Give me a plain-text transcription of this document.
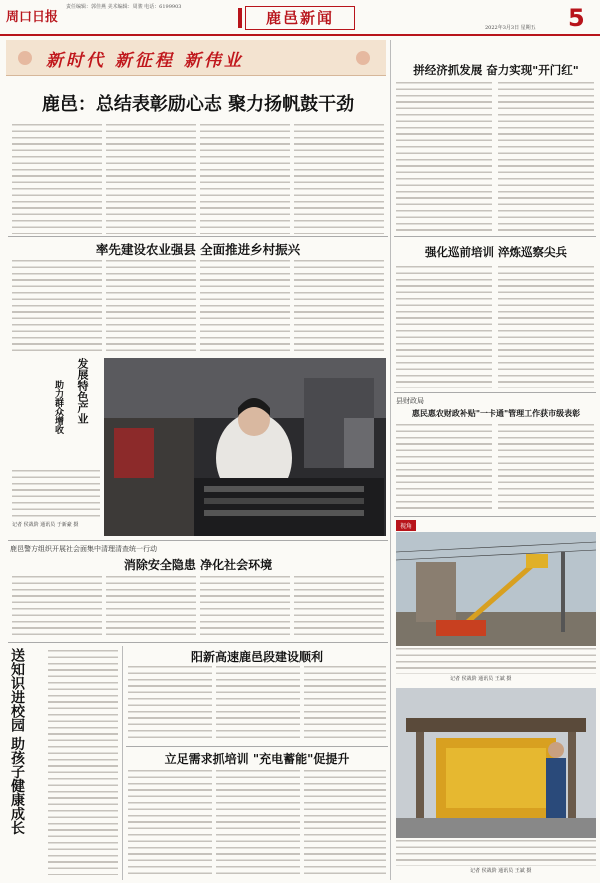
周口日报
责任编辑：郭佳燕 美术编辑：周骏 电话：6199903
鹿邑新闻
2022年3月3日 星期五 5
新时代 新征程 新伟业
鹿邑：总结表彰励心志 聚力扬帆鼓干劲
率先建设农业强县 全面推进乡村振兴
发展特色产业
助力群众增收
记者 侯战阶 通讯员 于新豪 摄
鹿邑警方组织开展社会面集中清理清查统一行动
消除安全隐患 净化社会环境
送知识进校园 助孩子健康成长	阳新高速鹿邑段建设顺利
立足需求抓培训 "充电蓄能"促提升
拼经济抓发展 奋力实现"开门红"
强化巡前培训 淬炼巡察尖兵
县财政局
惠民惠农财政补贴"一卡通"管理工作获市级表彰
视角
记者 侯战阶 通讯员 王斌 摄
记者 侯战阶 通讯员 王斌 摄
